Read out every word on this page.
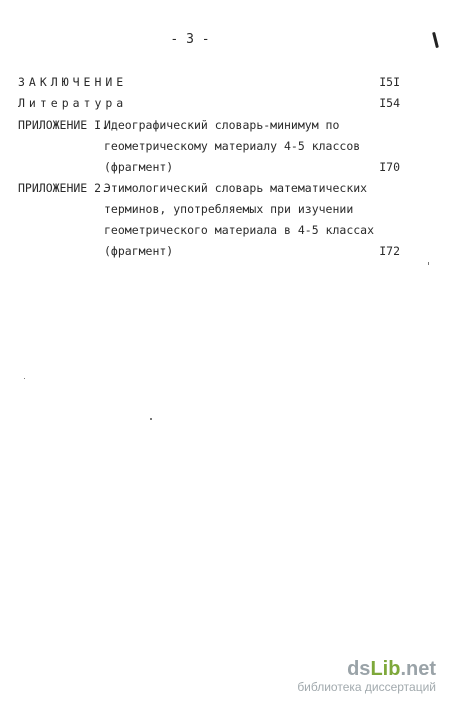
- 3 -
ЗАКЛЮЧЕНИЕ	I5I
Литература	I54
ПРИЛОЖЕНИЕ I.
Идеографический словарь-минимум по
геометрическому материалу 4-5 классов
(фрагмент)	I70
ПРИЛОЖЕНИЕ 2.
Этимологический словарь математических
терминов, употребляемых при изучении
геометрического материала в 4-5 классах
(фрагмент)	I72
dsLib.net
библиотека диссертаций
